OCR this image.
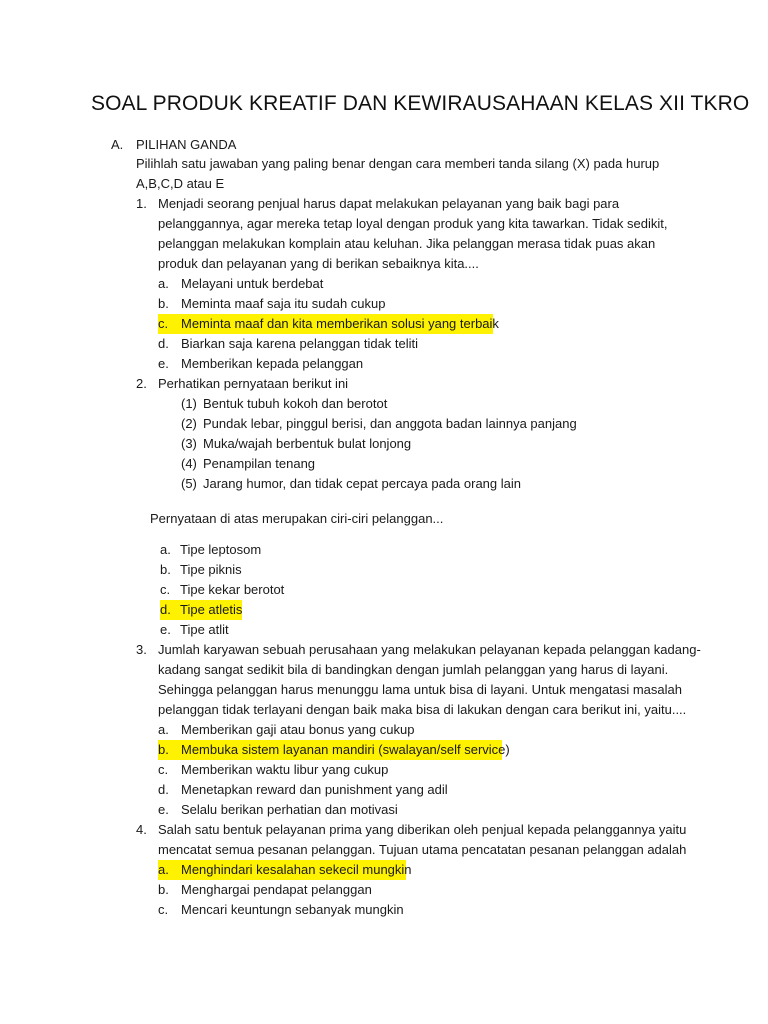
SOAL PRODUK KREATIF DAN KEWIRAUSAHAAN KELAS XII TKRO
A. PILIHAN GANDA
Pilihlah satu jawaban yang paling benar dengan cara memberi tanda silang (X) pada hurup
A,B,C,D atau E
1. Menjadi seorang penjual harus dapat melakukan pelayanan yang baik bagi para
pelanggannya, agar mereka tetap loyal dengan produk yang kita tawarkan. Tidak sedikit,
pelanggan melakukan komplain atau keluhan. Jika pelanggan merasa tidak puas akan
produk dan pelayanan yang di berikan sebaiknya kita....
a. Melayani untuk berdebat
b. Meminta maaf saja itu sudah cukup
c. Meminta maaf dan kita memberikan solusi yang terbaik
d. Biarkan saja karena pelanggan tidak teliti
e. Memberikan kepada pelanggan
2. Perhatikan pernyataan berikut ini
(1) Bentuk tubuh kokoh dan berotot
(2) Pundak lebar, pinggul berisi, dan anggota badan lainnya panjang
(3) Muka/wajah berbentuk bulat lonjong
(4) Penampilan tenang
(5) Jarang humor, dan tidak cepat percaya pada orang lain
Pernyataan di atas merupakan ciri-ciri pelanggan...
a. Tipe leptosom
b. Tipe piknis
c. Tipe kekar berotot
d. Tipe atletis
e. Tipe atlit
3. Jumlah karyawan sebuah perusahaan yang melakukan pelayanan kepada pelanggan kadang-
kadang sangat sedikit bila di bandingkan dengan jumlah pelanggan yang harus di layani.
Sehingga pelanggan harus menunggu lama untuk bisa di layani. Untuk mengatasi masalah
pelanggan tidak terlayani dengan baik maka bisa di lakukan dengan cara berikut ini, yaitu....
a. Memberikan gaji atau bonus yang cukup
b. Membuka sistem layanan mandiri (swalayan/self service)
c. Memberikan waktu libur yang cukup
d. Menetapkan reward dan punishment yang adil
e. Selalu berikan perhatian dan motivasi
4. Salah satu bentuk pelayanan prima yang diberikan oleh penjual kepada pelanggannya yaitu
mencatat semua pesanan pelanggan. Tujuan utama pencatatan pesanan pelanggan adalah
a. Menghindari kesalahan sekecil mungkin
b. Menghargai pendapat pelanggan
c. Mencari keuntungn sebanyak mungkin
